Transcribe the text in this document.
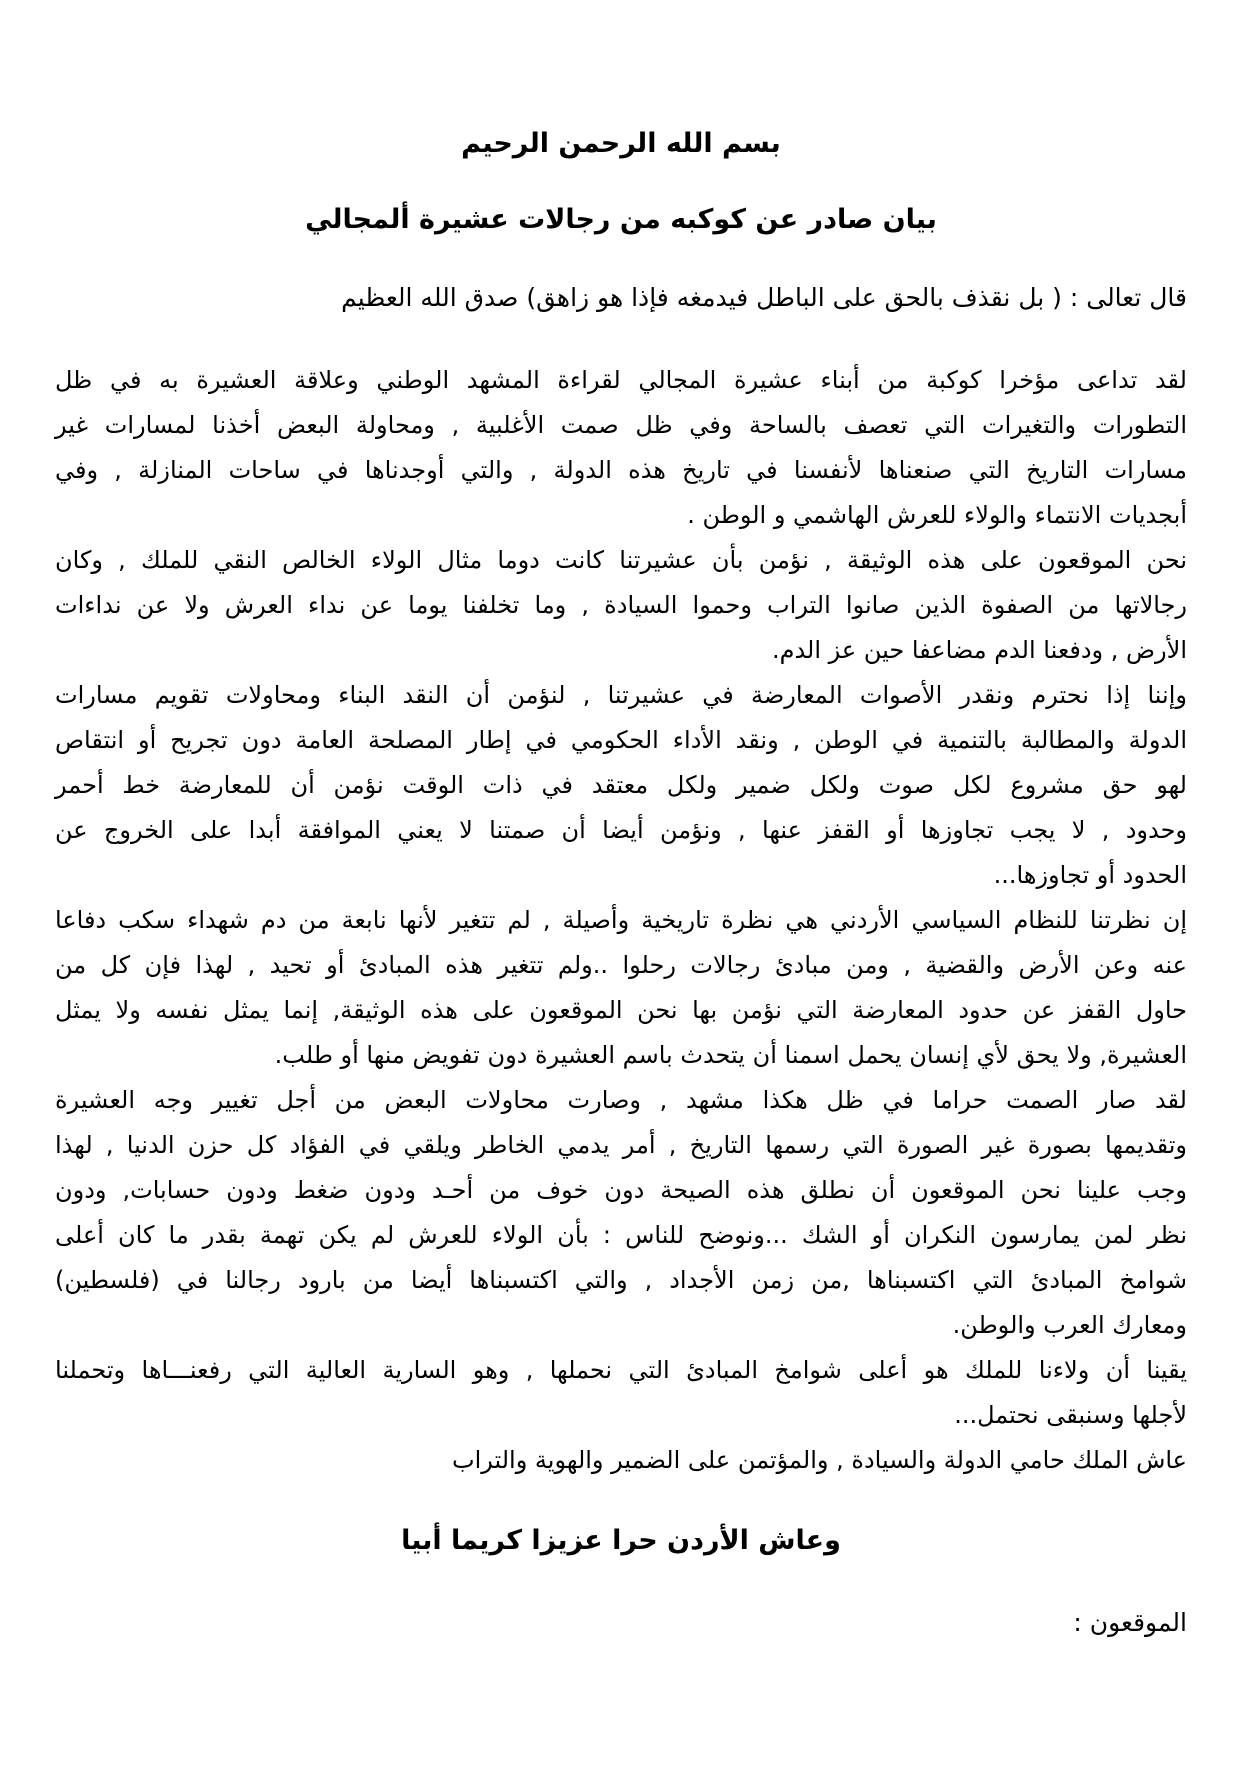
بسم الله الرحمن الرحيم
بيان صادر عن كوكبه من رجالات عشيرة ألمجالي

قال تعالى : ( بل نقذف بالحق على الباطل فيدمغه فإذا هو زاهق) صدق الله العظيم

لقد تداعى مؤخرا كوكبة من أبناء عشيرة المجالي لقراءة المشهد الوطني وعلاقة العشيرة به في ظل
التطورات والتغيرات التي تعصف بالساحة وفي ظل صمت الأغلبية , ومحاولة البعض أخذنا لمسارات غير
مسارات التاريخ التي صنعناها لأنفسنا في تاريخ هذه الدولة , والتي أوجدناها في ساحات المنازلة , وفي
أبجديات الانتماء والولاء للعرش الهاشمي و الوطن .
نحن الموقعون على هذه الوثيقة , نؤمن بأن عشيرتنا كانت دوما مثال الولاء الخالص النقي للملك , وكان
رجالاتها من الصفوة الذين صانوا التراب وحموا السيادة , وما تخلفنا يوما عن نداء العرش ولا عن نداءات
الأرض , ودفعنا الدم مضاعفا حين عز الدم.
وإننا إذا نحترم ونقدر الأصوات المعارضة في عشيرتنا , لنؤمن أن النقد البناء ومحاولات تقويم مسارات
الدولة والمطالبة بالتنمية في الوطن , ونقد الأداء الحكومي في إطار المصلحة العامة دون تجريح أو انتقاص
لهو حق مشروع لكل صوت ولكل ضمير ولكل معتقد في ذات الوقت نؤمن أن للمعارضة خط أحمر
وحدود , لا يجب تجاوزها أو القفز عنها , ونؤمن أيضا أن صمتنا لا يعني الموافقة أبدا على الخروج عن
الحدود أو تجاوزها...
إن نظرتنا للنظام السياسي الأردني هي نظرة تاريخية وأصيلة , لم تتغير لأنها نابعة من دم شهداء سكب دفاعا
عنه وعن الأرض والقضية , ومن مبادئ رجالات رحلوا ..ولم تتغير هذه المبادئ أو تحيد , لهذا فإن كل من
حاول القفز عن حدود المعارضة التي نؤمن بها نحن الموقعون على هذه الوثيقة, إنما يمثل نفسه ولا يمثل
العشيرة, ولا يحق لأي إنسان يحمل اسمنا أن يتحدث باسم العشيرة دون تفويض منها أو طلب.
لقد صار الصمت حراما في ظل هكذا مشهد , وصارت محاولات البعض من أجل تغيير وجه العشيرة
وتقديمها بصورة غير الصورة التي رسمها التاريخ , أمر يدمي الخاطر ويلقي في الفؤاد كل حزن الدنيا , لهذا
وجب علينا نحن الموقعون أن نطلق هذه الصيحة دون خوف من أحـد ودون ضغط ودون حسابات, ودون
نظر لمن يمارسون النكران أو الشك ...ونوضح للناس : بأن الولاء للعرش لم يكن تهمة بقدر ما كان أعلى
شوامخ المبادئ التي اكتسبناها ,من زمن الأجداد , والتي اكتسبناها أيضا من بارود رجالنا في (فلسطين)
ومعارك العرب والوطن.
يقينا أن ولاءنا للملك هو أعلى شوامخ المبادئ التي نحملها , وهو السارية العالية التي رفعنـــاها وتحملنا
لأجلها وسنبقى نحتمل...
عاش الملك حامي الدولة والسيادة , والمؤتمن على الضمير والهوية والتراب
وعاش الأردن حرا عزيزا كريما أبيا
الموقعون :
